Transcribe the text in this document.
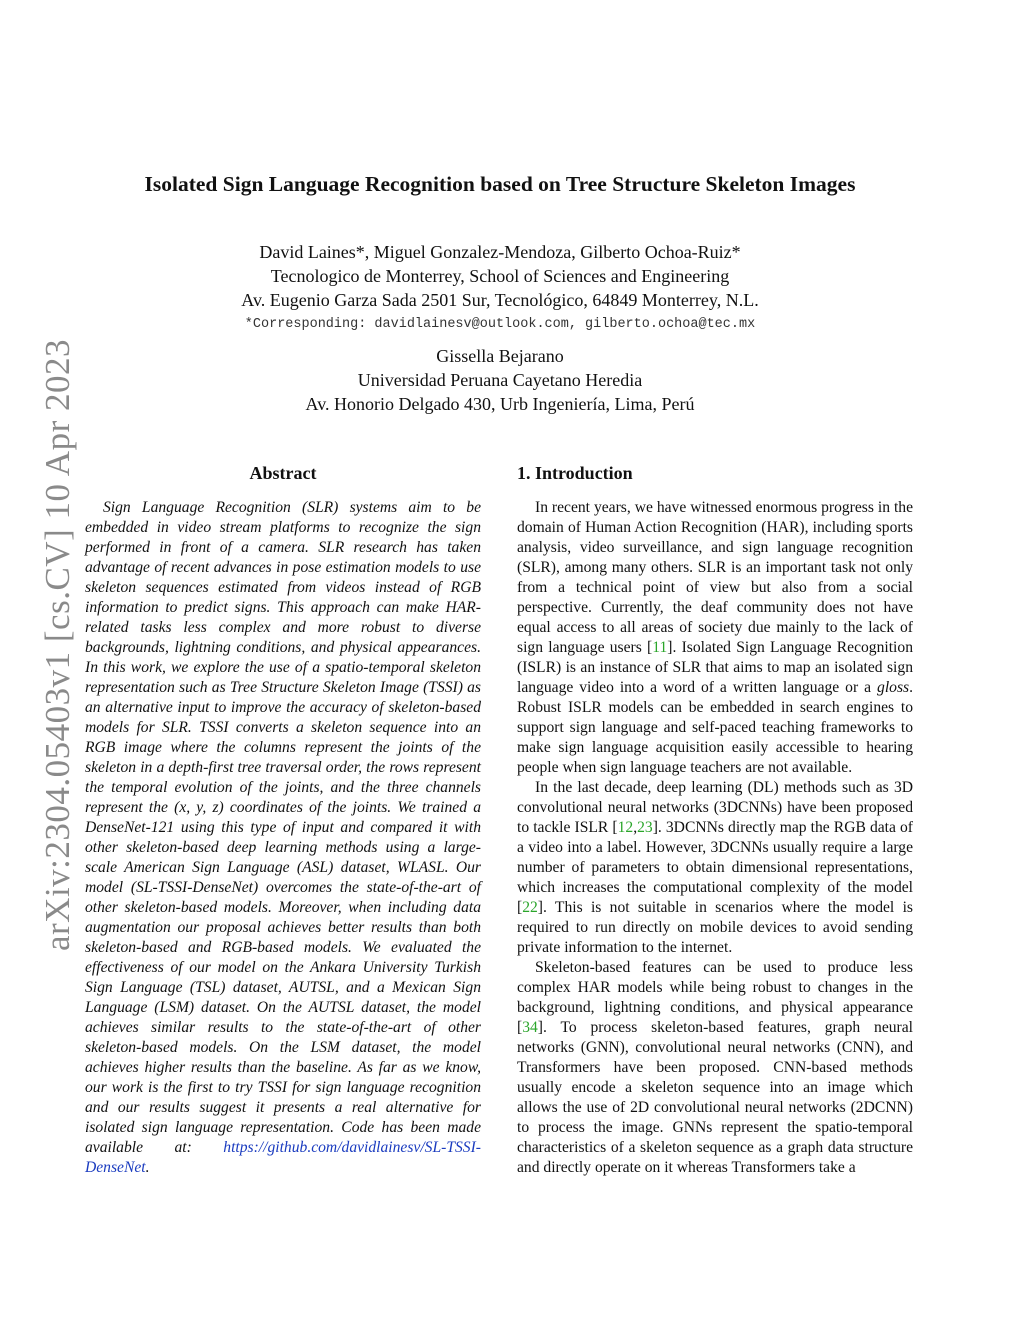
arXiv:2304.05403v1 [cs.CV] 10 Apr 2023
Isolated Sign Language Recognition based on Tree Structure Skeleton Images
David Laines*, Miguel Gonzalez-Mendoza, Gilberto Ochoa-Ruiz*
Tecnologico de Monterrey, School of Sciences and Engineering
Av. Eugenio Garza Sada 2501 Sur, Tecnológico, 64849 Monterrey, N.L.
*Corresponding: davidlainesv@outlook.com, gilberto.ochoa@tec.mx
Gissella Bejarano
Universidad Peruana Cayetano Heredia
Av. Honorio Delgado 430, Urb Ingeniería, Lima, Perú
Abstract

Sign Language Recognition (SLR) systems aim to be embedded in video stream platforms to recognize the sign performed in front of a camera. SLR research has taken advantage of recent advances in pose estimation models to use skeleton sequences estimated from videos instead of RGB information to predict signs. This approach can make HAR-related tasks less complex and more robust to diverse backgrounds, lightning conditions, and physical appearances. In this work, we explore the use of a spatio-temporal skeleton representation such as Tree Structure Skeleton Image (TSSI) as an alternative input to improve the accuracy of skeleton-based models for SLR. TSSI converts a skeleton sequence into an RGB image where the columns represent the joints of the skeleton in a depth-first tree traversal order, the rows represent the temporal evolution of the joints, and the three channels represent the (x, y, z) coordinates of the joints. We trained a DenseNet-121 using this type of input and compared it with other skeleton-based deep learning methods using a large-scale American Sign Language (ASL) dataset, WLASL. Our model (SL-TSSI-DenseNet) overcomes the state-of-the-art of other skeleton-based models. Moreover, when including data augmentation our proposal achieves better results than both skeleton-based and RGB-based models. We evaluated the effectiveness of our model on the Ankara University Turkish Sign Language (TSL) dataset, AUTSL, and a Mexican Sign Language (LSM) dataset. On the AUTSL dataset, the model achieves similar results to the state-of-the-art of other skeleton-based models. On the LSM dataset, the model achieves higher results than the baseline. As far as we know, our work is the first to try TSSI for sign language recognition and our results suggest it presents a real alternative for isolated sign language representation. Code has been made available at: https://github.com/davidlainesv/SL-TSSI-DenseNet.

1. Introduction

In recent years, we have witnessed enormous progress in the domain of Human Action Recognition (HAR), including sports analysis, video surveillance, and sign language recognition (SLR), among many others. SLR is an important task not only from a technical point of view but also from a social perspective. Currently, the deaf community does not have equal access to all areas of society due mainly to the lack of sign language users [11]. Isolated Sign Language Recognition (ISLR) is an instance of SLR that aims to map an isolated sign language video into a word of a written language or a gloss. Robust ISLR models can be embedded in search engines to support sign language and self-paced teaching frameworks to make sign language acquisition easily accessible to hearing people when sign language teachers are not available.

In the last decade, deep learning (DL) methods such as 3D convolutional neural networks (3DCNNs) have been proposed to tackle ISLR [12,23]. 3DCNNs directly map the RGB data of a video into a label. However, 3DCNNs usually require a large number of parameters to obtain dimensional representations, which increases the computational complexity of the model [22]. This is not suitable in scenarios where the model is required to run directly on mobile devices to avoid sending private information to the internet.

Skeleton-based features can be used to produce less complex HAR models while being robust to changes in the background, lightning conditions, and physical appearance [34]. To process skeleton-based features, graph neural networks (GNN), convolutional neural networks (CNN), and Transformers have been proposed. CNN-based methods usually encode a skeleton sequence into an image which allows the use of 2D convolutional neural networks (2DCNN) to process the image. GNNs represent the spatio-temporal characteristics of a skeleton sequence as a graph data structure and directly operate on it whereas Transformers take a
